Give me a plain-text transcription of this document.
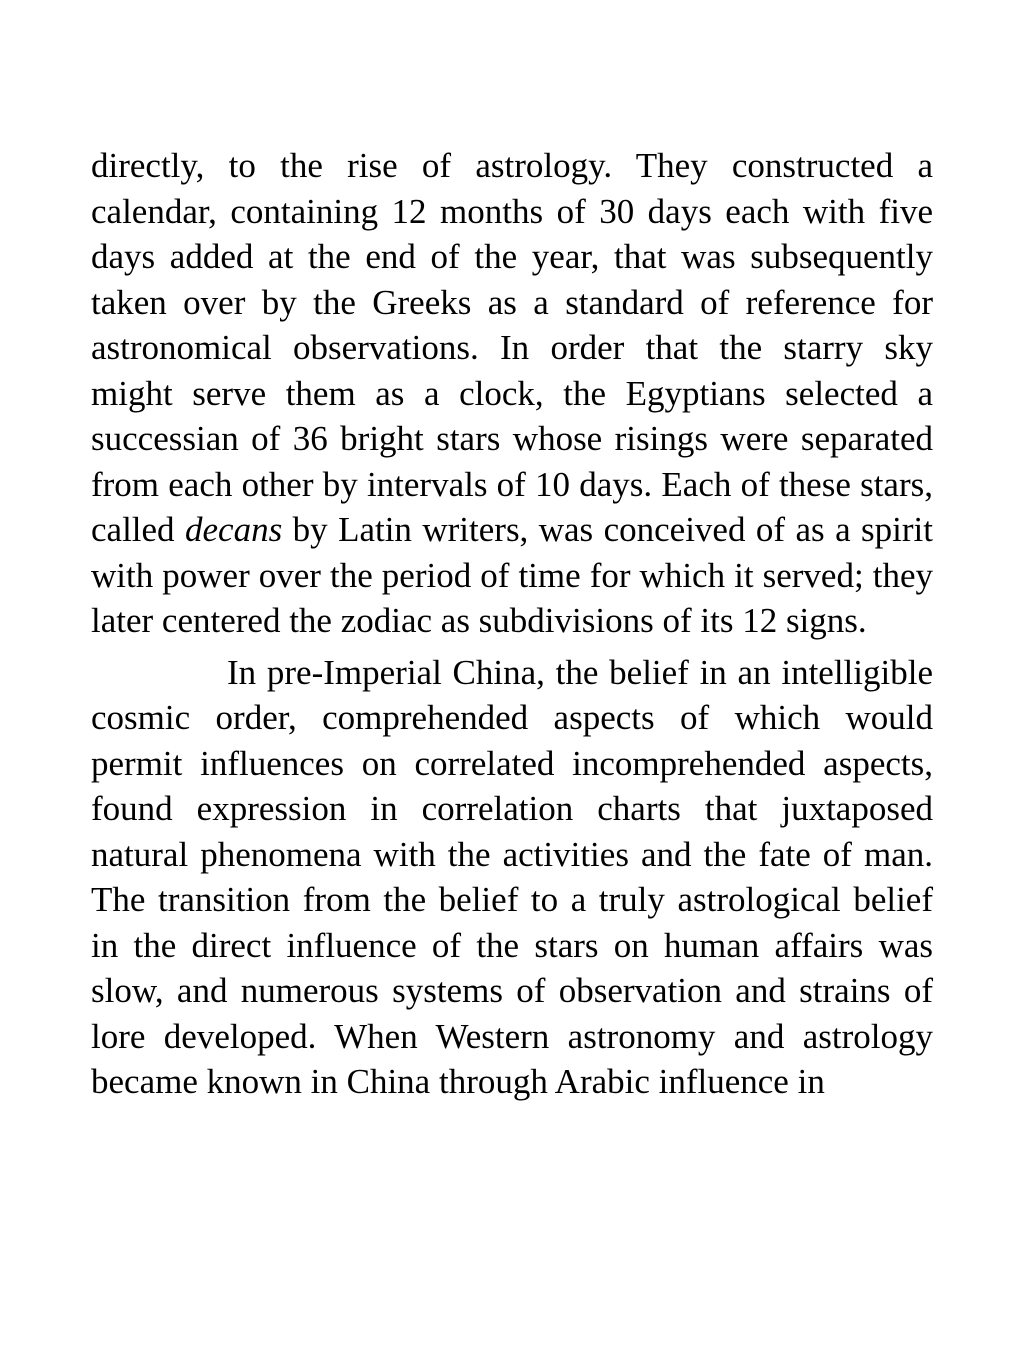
directly, to the rise of astrology. They constructed a calendar, containing 12 months of 30 days each with five days added at the end of the year, that was subsequently taken over by the Greeks as a standard of reference for astronomical observations. In order that the starry sky might serve them as a clock, the Egyptians selected a successian of 36 bright stars whose risings were separated from each other by intervals of 10 days. Each of these stars, called decans by Latin writers, was conceived of as a spirit with power over the period of time for which it served; they later centered the zodiac as subdivisions of its 12 signs.

In pre-Imperial China, the belief in an intelligible cosmic order, comprehended aspects of which would permit influences on correlated incomprehended aspects, found expression in correlation charts that juxtaposed natural phenomena with the activities and the fate of man. The transition from the belief to a truly astrological belief in the direct influence of the stars on human affairs was slow, and numerous systems of observation and strains of lore developed. When Western astronomy and astrology became known in China through Arabic influence in
